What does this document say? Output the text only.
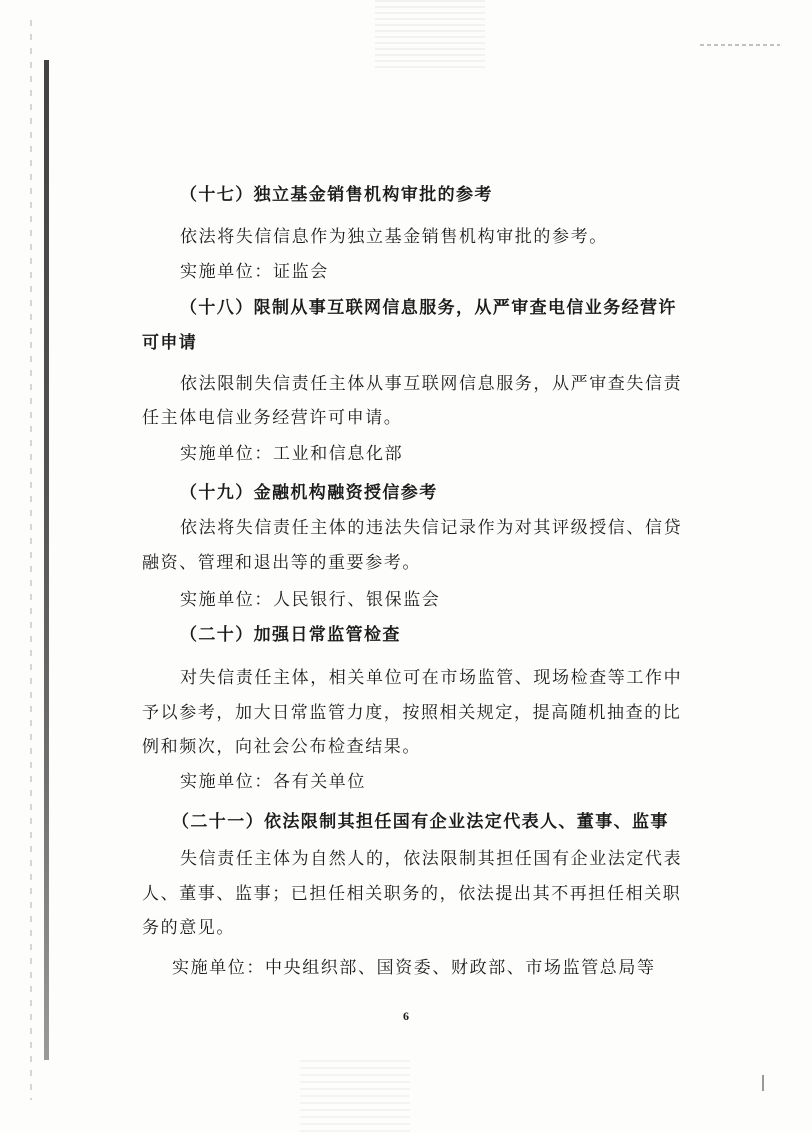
（十七）独立基金销售机构审批的参考
依法将失信信息作为独立基金销售机构审批的参考。
实施单位：证监会
（十八）限制从事互联网信息服务，从严审查电信业务经营许
可申请
依法限制失信责任主体从事互联网信息服务，从严审查失信责
任主体电信业务经营许可申请。
实施单位：工业和信息化部
（十九）金融机构融资授信参考
依法将失信责任主体的违法失信记录作为对其评级授信、信贷
融资、管理和退出等的重要参考。
实施单位：人民银行、银保监会
（二十）加强日常监管检查
对失信责任主体，相关单位可在市场监管、现场检查等工作中
予以参考，加大日常监管力度，按照相关规定，提高随机抽查的比
例和频次，向社会公布检查结果。
实施单位：各有关单位
（二十一）依法限制其担任国有企业法定代表人、董事、监事
失信责任主体为自然人的，依法限制其担任国有企业法定代表
人、董事、监事；已担任相关职务的，依法提出其不再担任相关职
务的意见。
实施单位：中央组织部、国资委、财政部、市场监管总局等
6
